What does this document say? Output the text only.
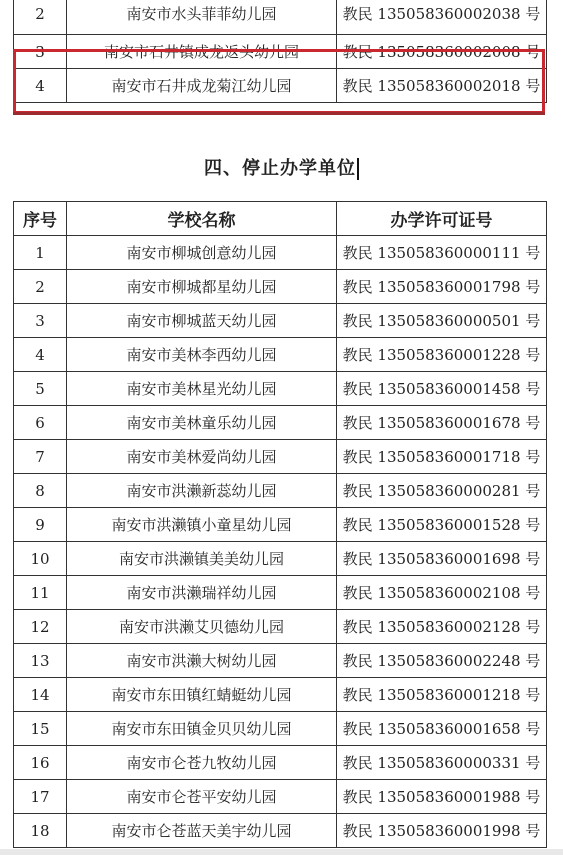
2	南安市水头菲菲幼儿园	教民 135058360002038 号
3	南安市石井镇成龙返头幼儿园	教民 135058360002008 号
4	南安市石井成龙菊江幼儿园	教民 135058360002018 号
四、停止办学单位
序号	学校名称	办学许可证号
1	南安市柳城创意幼儿园	教民 135058360000111 号
2	南安市柳城都星幼儿园	教民 135058360001798 号
3	南安市柳城蓝天幼儿园	教民 135058360000501 号
4	南安市美林李西幼儿园	教民 135058360001228 号
5	南安市美林星光幼儿园	教民 135058360001458 号
6	南安市美林童乐幼儿园	教民 135058360001678 号
7	南安市美林爱尚幼儿园	教民 135058360001718 号
8	南安市洪濑新蕊幼儿园	教民 135058360000281 号
9	南安市洪濑镇小童星幼儿园	教民 135058360001528 号
10	南安市洪濑镇美美幼儿园	教民 135058360001698 号
11	南安市洪濑瑞祥幼儿园	教民 135058360002108 号
12	南安市洪濑艾贝德幼儿园	教民 135058360002128 号
13	南安市洪濑大树幼儿园	教民 135058360002248 号
14	南安市东田镇红蜻蜓幼儿园	教民 135058360001218 号
15	南安市东田镇金贝贝幼儿园	教民 135058360001658 号
16	南安市仑苍九牧幼儿园	教民 135058360000331 号
17	南安市仑苍平安幼儿园	教民 135058360001988 号
18	南安市仑苍蓝天美宇幼儿园	教民 135058360001998 号
